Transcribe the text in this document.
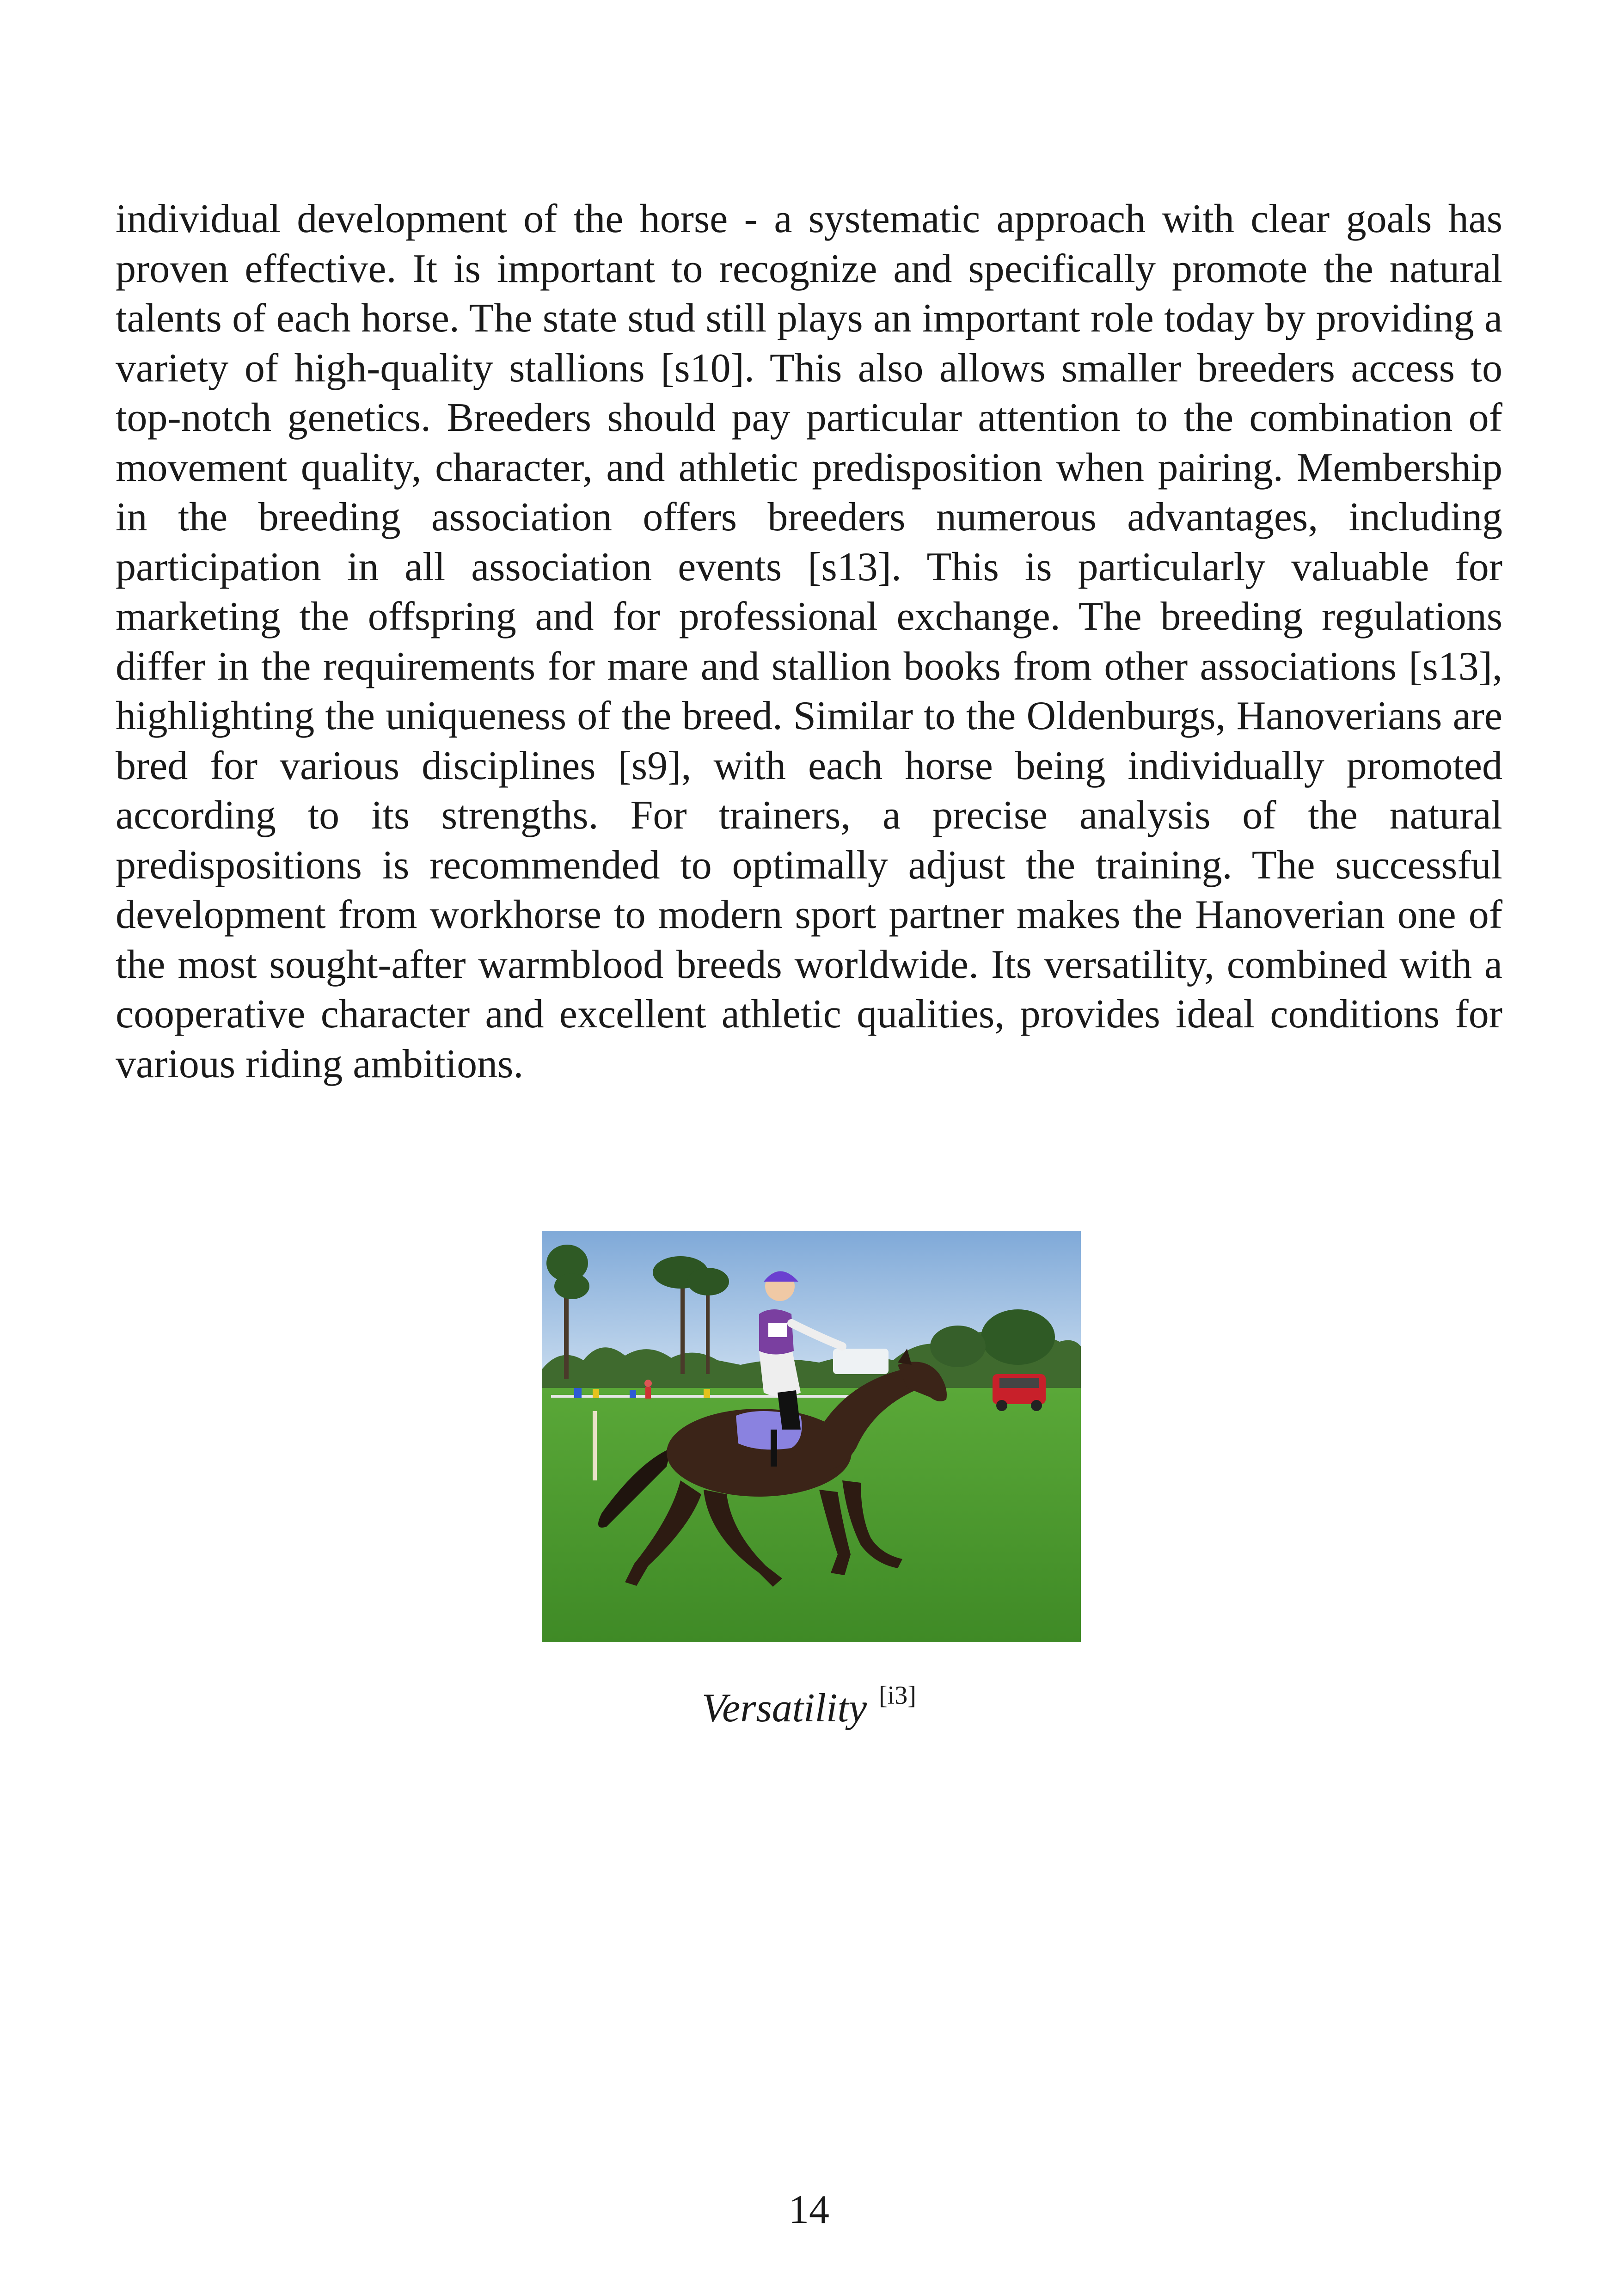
individual development of the horse - a systematic approach with clear goals has proven effective. It is important to recognize and specifically promote the natural talents of each horse. The state stud still plays an important role today by providing a variety of high-quality stallions [s10]. This also allows smaller breeders access to top-notch genetics. Breeders should pay particular attention to the combination of movement quality, character, and athletic predisposition when pairing. Membership in the breeding association offers breeders numerous advantages, including participation in all association events [s13]. This is particularly valuable for marketing the offspring and for professional exchange. The breeding regulations differ in the requirements for mare and stallion books from other associations [s13], highlighting the uniqueness of the breed. Similar to the Oldenburgs, Hanoverians are bred for various disciplines [s9], with each horse being individually promoted according to its strengths. For trainers, a precise analysis of the natural predispositions is recommended to optimally adjust the training. The successful development from workhorse to modern sport partner makes the Hanoverian one of the most sought-after warmblood breeds worldwide. Its versatility, combined with a cooperative character and excellent athletic qualities, provides ideal conditions for various riding ambitions.

Versatility [i3]
14
